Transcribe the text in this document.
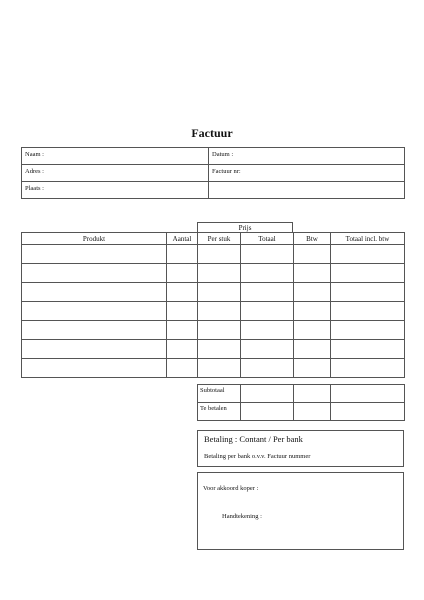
Factuur
Naam :	Datum :
Adres :	Factuur nr:
Plaats :	
Prijs
Produkt	Aantal	Per stuk	Totaal	Btw	Totaal incl. btw

Subtotaal			
Te betalen			
Betaling : Contant / Per bank
Betaling per bank o.v.v. Factuur nummer
Voor akkoord koper :
Handtekening :
